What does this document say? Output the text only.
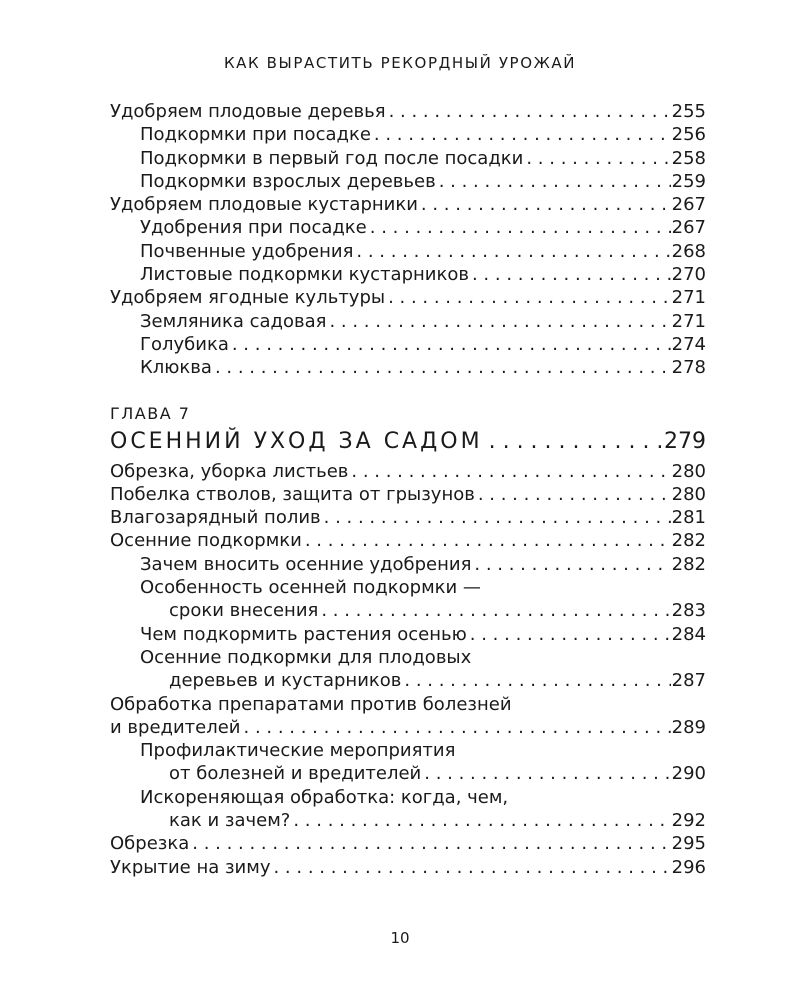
КАК ВЫРАСТИТЬ РЕКОРДНЫЙ УРОЖАЙ
Удобряем плодовые деревья . . .	255
Подкормки при посадке . . .	256
Подкормки в первый год после посадки . . .	258
Подкормки взрослых деревьев . . .	259
Удобряем плодовые кустарники . . .	267
Удобрения при посадке . . .	267
Почвенные удобрения . . .	268
Листовые подкормки кустарников . . .	270
Удобряем ягодные культуры . . .	271
Земляника садовая . . .	271
Голубика . . .	274
Клюква . . .	278
ГЛАВА 7
ОСЕННИЙ УХОД ЗА САДОМ . . .	279
Обрезка, уборка листьев . . .	280
Побелка стволов, защита от грызунов . . .	280
Влагозарядный полив . . .	281
Осенние подкормки . . .	282
Зачем вносить осенние удобрения . . .	282
Особенность осенней подкормки —
сроки внесения . . .	283
Чем подкормить растения осенью . . .	284
Осенние подкормки для плодовых
деревьев и кустарников . . .	287
Обработка препаратами против болезней
и вредителей . . .	289
Профилактические мероприятия
от болезней и вредителей . . .	290
Искореняющая обработка: когда, чем,
как и зачем? . . .	292
Обрезка . . .	295
Укрытие на зиму . . .	296
10
